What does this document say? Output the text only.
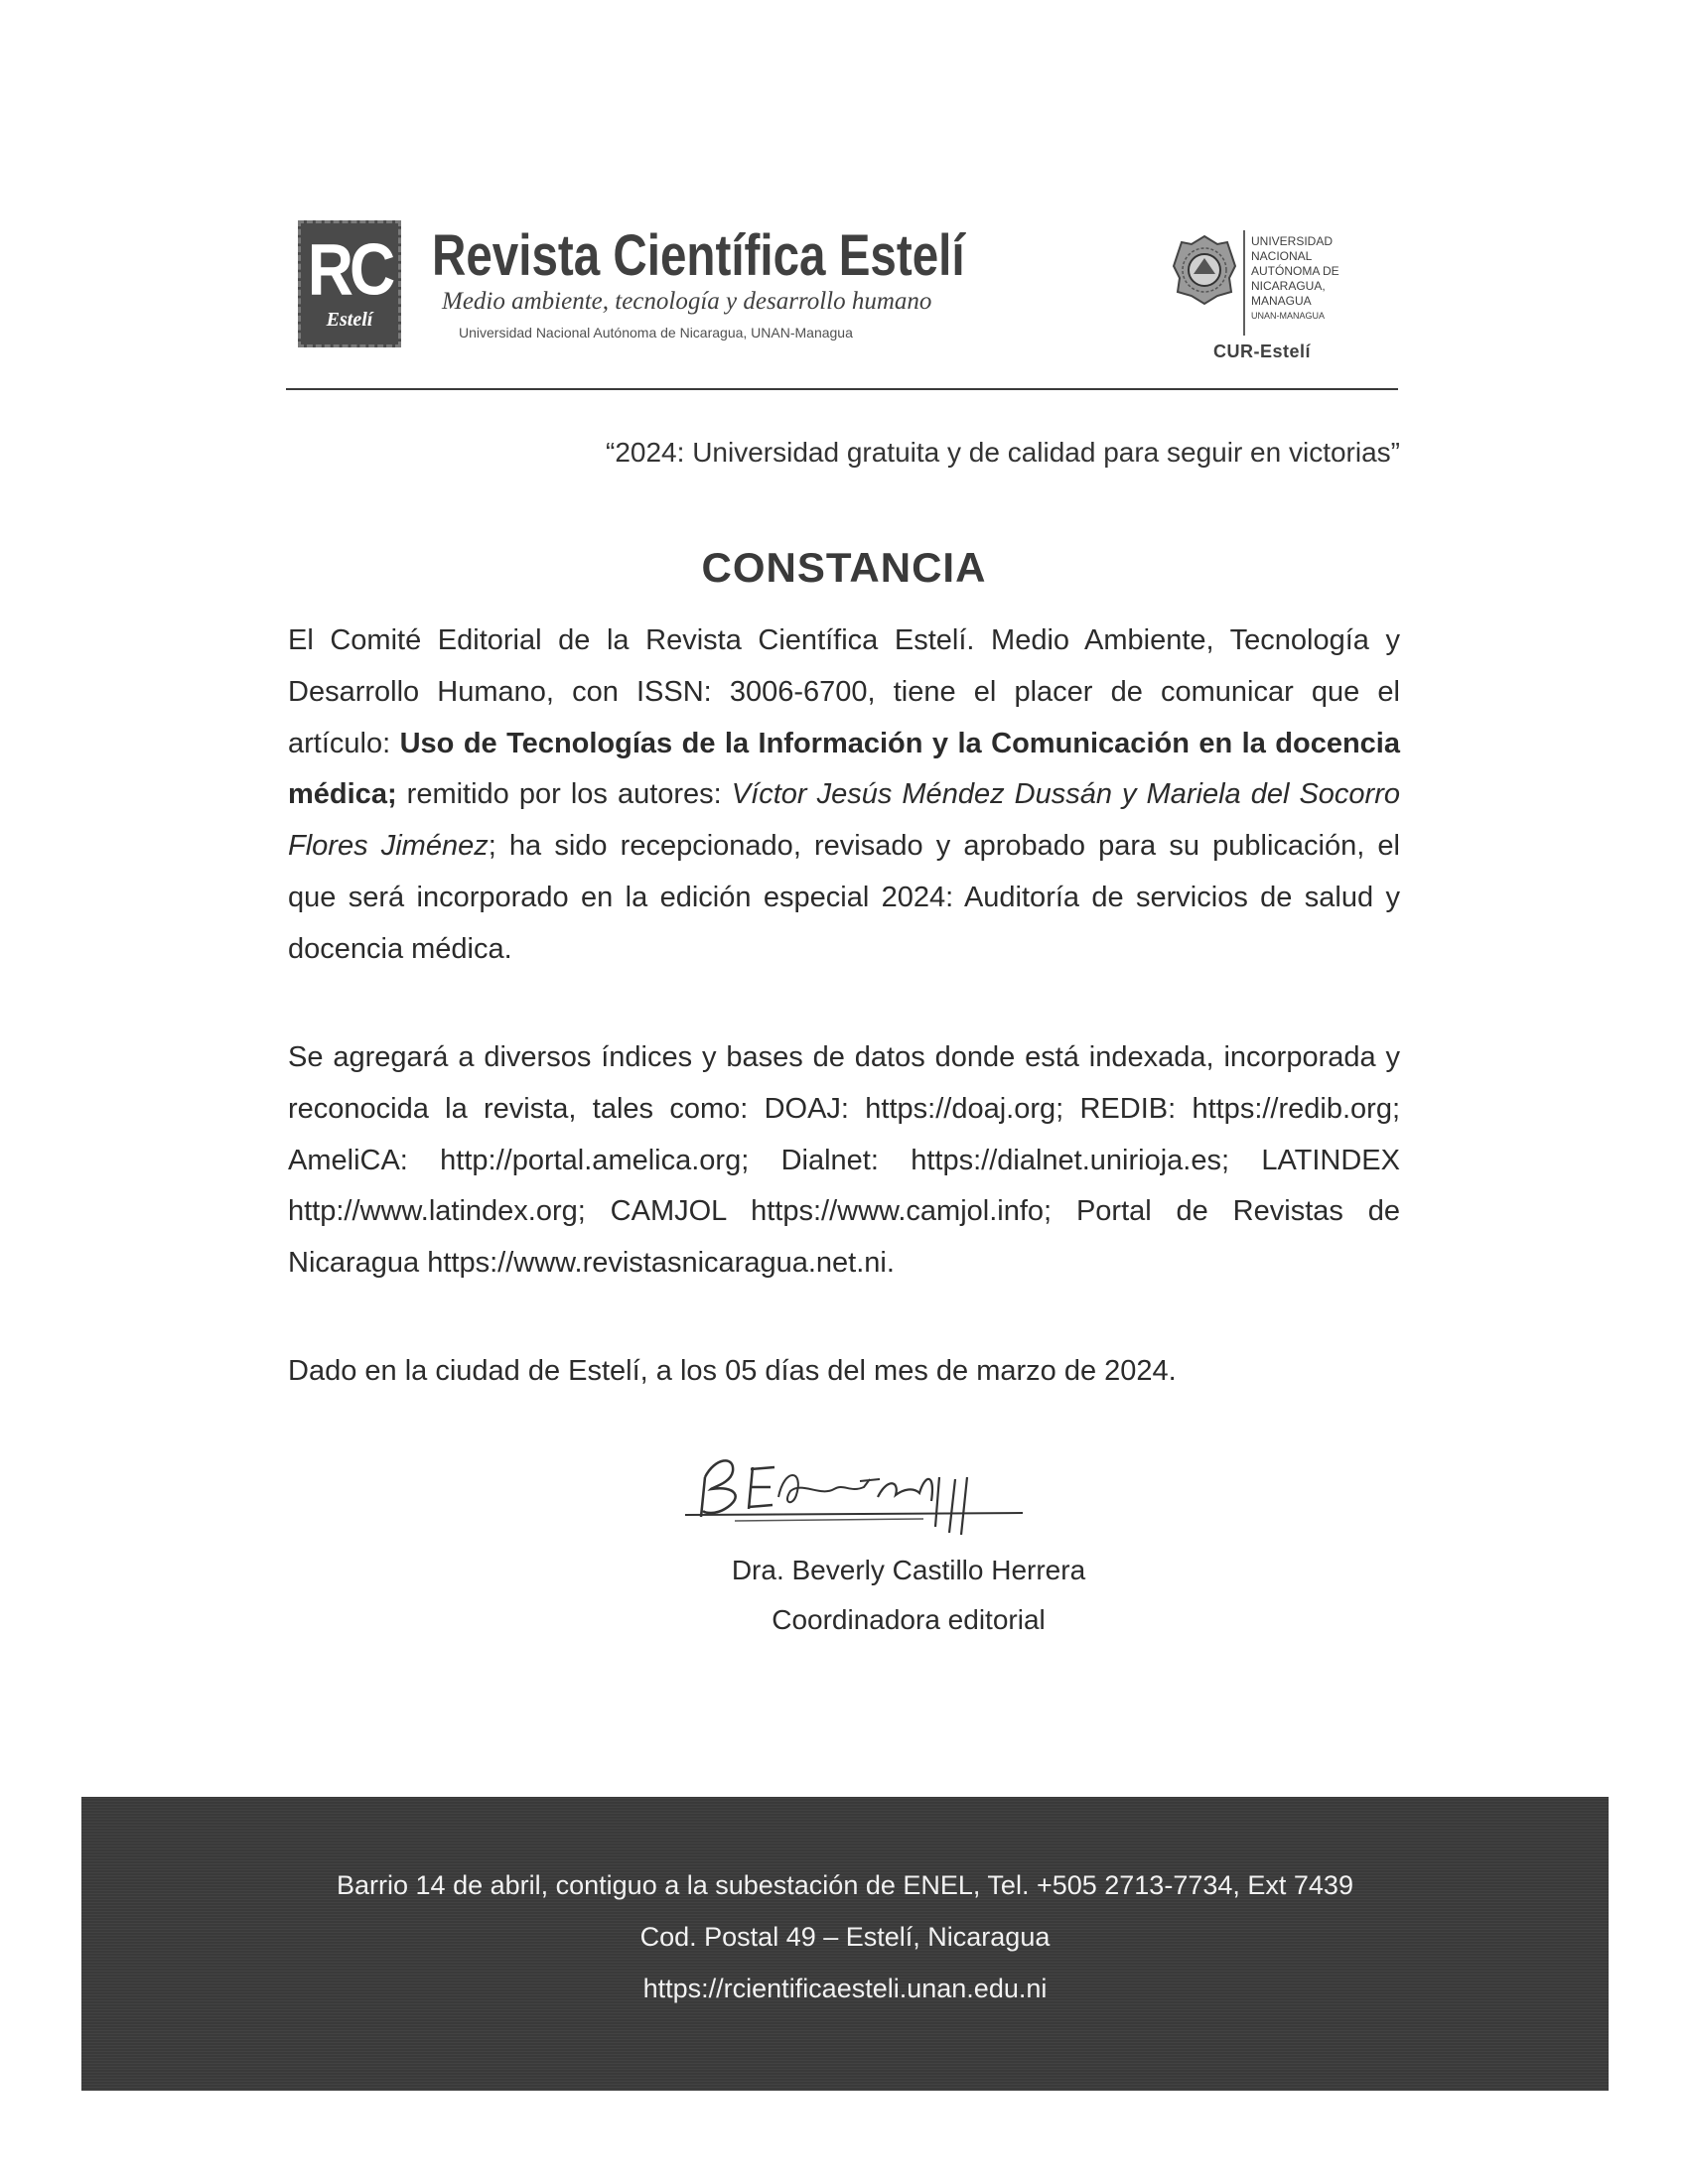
RC
Estelí
Revista Científica Estelí
Medio ambiente, tecnología y desarrollo humano
Universidad Nacional Autónoma de Nicaragua, UNAN-Managua
UNIVERSIDAD
NACIONAL
AUTÓNOMA DE
NICARAGUA,
MANAGUA
UNAN-MANAGUA
CUR-Estelí
“2024: Universidad gratuita y de calidad para seguir en victorias”
CONSTANCIA
El Comité Editorial de la Revista Científica Estelí. Medio Ambiente, Tecnología y Desarrollo Humano, con ISSN: 3006-6700, tiene el placer de comunicar que el artículo: Uso de Tecnologías de la Información y la Comunicación en la docencia médica; remitido por los autores: Víctor Jesús Méndez Dussán y Mariela del Socorro Flores Jiménez; ha sido recepcionado, revisado y aprobado para su publicación, el que será incorporado en la edición especial 2024: Auditoría de servicios de salud y docencia médica.
Se agregará a diversos índices y bases de datos donde está indexada, incorporada y reconocida la revista, tales como: DOAJ: https://doaj.org; REDIB: https://redib.org; AmeliCA: http://portal.amelica.org; Dialnet: https://dialnet.unirioja.es; LATINDEX http://www.latindex.org; CAMJOL https://www.camjol.info; Portal de Revistas de Nicaragua https://www.revistasnicaragua.net.ni.
Dado en la ciudad de Estelí, a los 05 días del mes de marzo de 2024.
Dra. Beverly Castillo Herrera
Coordinadora editorial
Barrio 14 de abril, contiguo a la subestación de ENEL, Tel. +505 2713-7734, Ext 7439
Cod. Postal 49 – Estelí, Nicaragua
https://rcientificaesteli.unan.edu.ni
